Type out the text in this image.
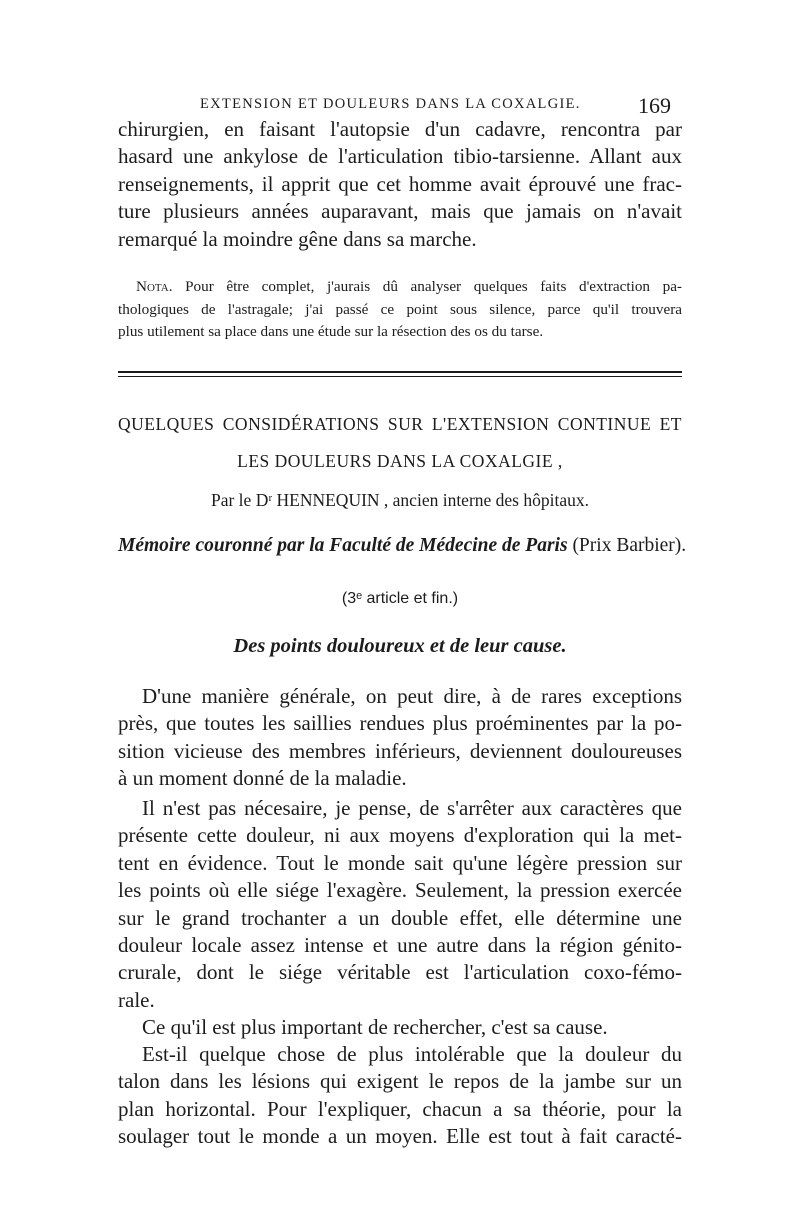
EXTENSION ET DOULEURS DANS LA COXALGIE.	169
chirurgien, en faisant l'autopsie d'un cadavre, rencontra par
hasard une ankylose de l'articulation tibio-tarsienne. Allant aux
renseignements, il apprit que cet homme avait éprouvé une frac-
ture plusieurs années auparavant, mais que jamais on n'avait
remarqué la moindre gêne dans sa marche.
Nota. Pour être complet, j'aurais dû analyser quelques faits d'extraction pa-
thologiques de l'astragale; j'ai passé ce point sous silence, parce qu'il trouvera
plus utilement sa place dans une étude sur la résection des os du tarse.
QUELQUES CONSIDÉRATIONS SUR L'EXTENSION CONTINUE ET
LES DOULEURS DANS LA COXALGIE ,
Par le Dʳ HENNEQUIN , ancien interne des hôpitaux.
Mémoire couronné par la Faculté de Médecine de Paris (Prix Barbier).
(3ᵉ article et fin.)
Des points douloureux et de leur cause.
D'une manière générale, on peut dire, à de rares exceptions
près, que toutes les saillies rendues plus proéminentes par la po-
sition vicieuse des membres inférieurs, deviennent douloureuses
à un moment donné de la maladie.
Il n'est pas nécesaire, je pense, de s'arrêter aux caractères que
présente cette douleur, ni aux moyens d'exploration qui la met-
tent en évidence. Tout le monde sait qu'une légère pression sur
les points où elle siége l'exagère. Seulement, la pression exercée
sur le grand trochanter a un double effet, elle détermine une
douleur locale assez intense et une autre dans la région génito-
crurale, dont le siége véritable est l'articulation coxo-fémo-
rale.
Ce qu'il est plus important de rechercher, c'est sa cause.
Est-il quelque chose de plus intolérable que la douleur du
talon dans les lésions qui exigent le repos de la jambe sur un
plan horizontal. Pour l'expliquer, chacun a sa théorie, pour la
soulager tout le monde a un moyen. Elle est tout à fait caracté-
